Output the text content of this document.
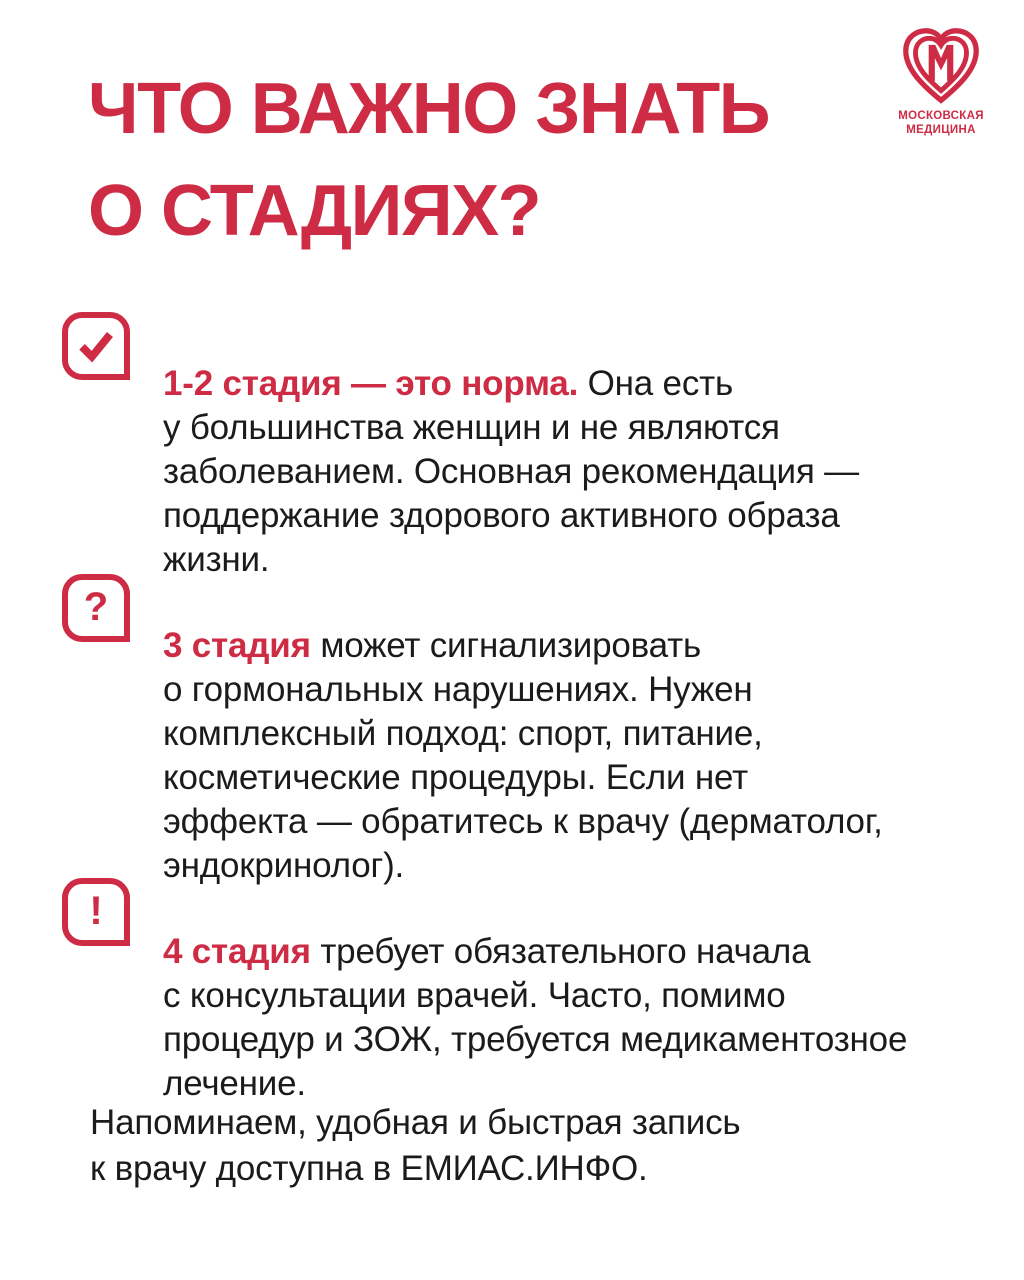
ЧТО ВАЖНО ЗНАТЬ
О СТАДИЯХ?
МОСКОВСКАЯ
МЕДИЦИНА

1-2 стадия — это норма. Она есть
у большинства женщин и не являются
заболеванием. Основная рекомендация —
поддержание здорового активного образа
жизни.

?

3 стадия может сигнализировать
о гормональных нарушениях. Нужен
комплексный подход: спорт, питание,
косметические процедуры. Если нет
эффекта — обратитесь к врачу (дерматолог,
эндокринолог).

!

4 стадия требует обязательного начала
с консультации врачей. Часто, помимо
процедур и ЗОЖ, требуется медикаментозное
лечение.

Напоминаем, удобная и быстрая запись
к врачу доступна в ЕМИАС.ИНФО.
